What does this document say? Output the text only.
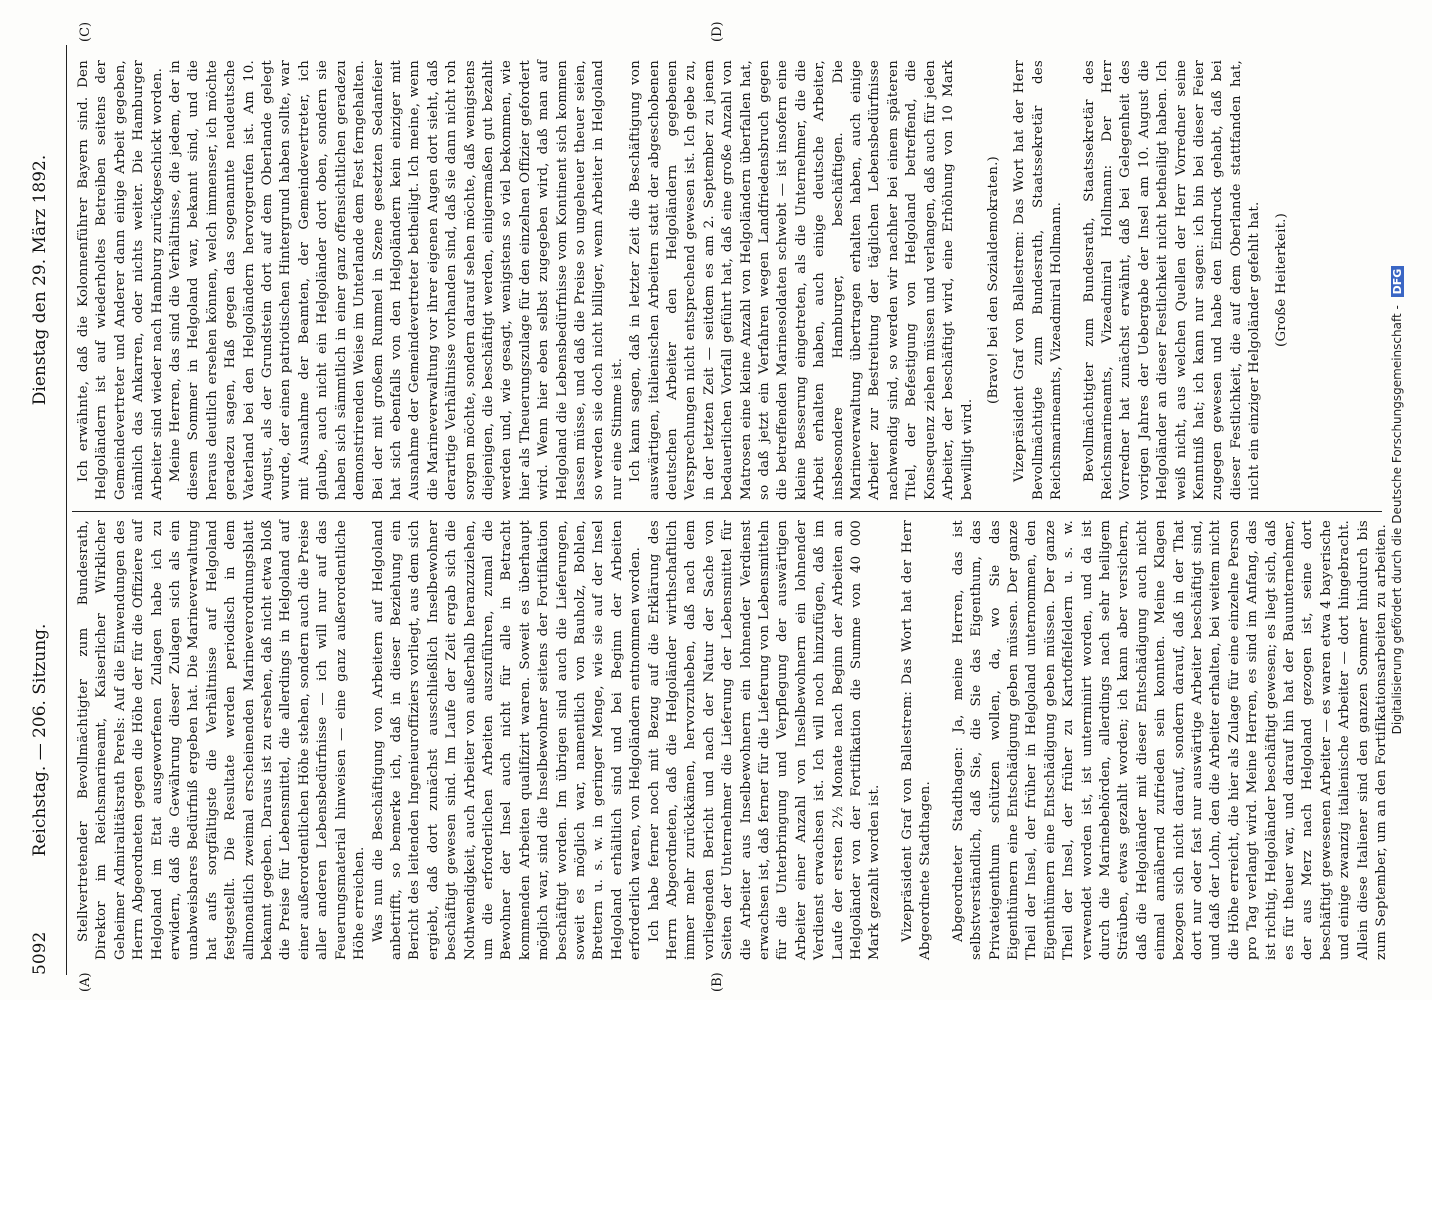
5092
Reichstag. — 206. Sitzung.
Dienstag den 29. März 1892.
(A)	(B)
(C)	(D)

Stellvertretender Bevollmächtigter zum Bundesrath, Direktor im Reichsmarineamt, Kaiserlicher Wirklicher Geheimer Admiralitätsrath Perels: Auf die Einwendungen des Herrn Abgeordneten gegen die Höhe der für die Offiziere auf Helgoland im Etat ausgeworfenen Zulagen habe ich zu erwidern, daß die Gewährung dieser Zulagen sich als ein unabweisbares Bedürfniß ergeben hat. Die Marineverwaltung hat aufs sorgfältigste die Verhältnisse auf Helgoland festgestellt. Die Resultate werden periodisch in dem allmonatlich zweimal erscheinenden Marineverordnungsblatt bekannt gegeben. Daraus ist zu ersehen, daß nicht etwa bloß die Preise für Lebensmittel, die allerdings in Helgoland auf einer außerordentlichen Höhe stehen, sondern auch die Preise aller anderen Lebensbedürfnisse — ich will nur auf das Feuerungsmaterial hinweisen — eine ganz außerordentliche Höhe erreichen. Was nun die Beschäftigung von Arbeitern auf Helgoland anbetrifft, so bemerke ich, daß in dieser Beziehung ein Bericht des leitenden Ingenieuroffiziers vorliegt, aus dem sich ergiebt, daß dort zunächst ausschließlich Inselbewohner beschäftigt gewesen sind. Im Laufe der Zeit ergab sich die Nothwendigkeit, auch Arbeiter von außerhalb heranzuziehen, um die erforderlichen Arbeiten auszuführen, zumal die Bewohner der Insel auch nicht für alle in Betracht kommenden Arbeiten qualifizirt waren. Soweit es überhaupt möglich war, sind die Inselbewohner seitens der Fortifikation beschäftigt worden. Im übrigen sind auch die Lieferungen, soweit es möglich war, namentlich von Bauholz, Bohlen, Brettern u. s. w. in geringer Menge, wie sie auf der Insel Helgoland erhältlich sind und bei Beginn der Arbeiten erforderlich waren, von Helgoländern entnommen worden. Ich habe ferner noch mit Bezug auf die Erklärung des Herrn Abgeordneten, daß die Helgoländer wirthschaftlich immer mehr zurückkämen, hervorzuheben, daß nach dem vorliegenden Bericht und nach der Natur der Sache von Seiten der Unternehmer die Lieferung der Lebensmittel für die Arbeiter aus Inselbewohnern ein lohnender Verdienst erwachsen ist, daß ferner für die Lieferung von Lebensmitteln für die Unterbringung und Verpflegung der auswärtigen Arbeiter einer Anzahl von Inselbewohnern ein lohnender Verdienst erwachsen ist. Ich will noch hinzufügen, daß im Laufe der ersten 2½ Monate nach Beginn der Arbeiten an Helgoländer von der Fortifikation die Summe von 40 000 Mark gezahlt worden ist. Vizepräsident Graf von Ballestrem: Das Wort hat der Herr Abgeordnete Stadthagen. Abgeordneter Stadthagen: Ja, meine Herren, das ist selbstverständlich, daß Sie, die Sie das Eigenthum, das Privateigenthum schützen wollen, da, wo Sie das Eigenthümern eine Entschädigung geben müssen. Der ganze Theil der Insel, der früher in Helgoland unternommen, den Eigenthümern eine Entschädigung geben müssen. Der ganze Theil der Insel, der früher zu Kartoffelfeldern u. s. w. verwendet worden ist, ist unterminirt worden, und da ist durch die Marinebehörden, allerdings nach sehr heiligem Sträuben, etwas gezahlt worden; ich kann aber versichern, daß die Helgoländer mit dieser Entschädigung auch nicht einmal annähernd zufrieden sein konnten. Meine Klagen bezogen sich nicht darauf, sondern darauf, daß in der That dort nur oder fast nur auswärtige Arbeiter beschäftigt sind, und daß der Lohn, den die Arbeiter erhalten, bei weitem nicht die Höhe erreicht, die hier als Zulage für eine einzelne Person pro Tag verlangt wird. Meine Herren, es sind im Anfang, das ist richtig, Helgoländer beschäftigt gewesen; es liegt sich, daß es für theuer war, und darauf hin hat der Bauunternehmer, der aus Merz nach Helgoland gezogen ist, seine dort beschäftigt gewesenen Arbeiter — es waren etwa 4 bayerische und einige zwanzig italienische Arbeiter — dort hingebracht. Allein diese Italiener sind den ganzen Sommer hindurch bis zum September, um an den Fortifikationsarbeiten zu arbeiten.

Ich erwähnte, daß die Kolonnenführer Bayern sind. Den Helgoländern ist auf wiederholtes Betreiben seitens der Gemeindevertreter und Anderer dann einige Arbeit gegeben, nämlich das Ankarren, oder nichts weiter. Die Hamburger Arbeiter sind wieder nach Hamburg zurückgeschickt worden. Meine Herren, das sind die Verhältnisse, die jedem, der in diesem Sommer in Helgoland war, bekannt sind, und die heraus deutlich ersehen können, welch immenser, ich möchte geradezu sagen, Haß gegen das sogenannte neudeutsche Vaterland bei den Helgoländern hervorgerufen ist. Am 10. August, als der Grundstein dort auf dem Oberlande gelegt wurde, der einen patriotischen Hintergrund haben sollte, war mit Ausnahme der Beamten, der Gemeindevertreter, ich glaube, auch nicht ein Helgoländer dort oben, sondern sie haben sich sämmtlich in einer ganz offensichtlichen geradezu demonstrirenden Weise im Unterlande dem Fest ferngehalten. Bei der mit großem Rummel in Szene gesetzten Sedanfeier hat sich ebenfalls von den Helgoländern kein einziger mit Ausnahme der Gemeindevertreter betheiligt. Ich meine, wenn die Marineverwaltung vor ihrer eigenen Augen dort sieht, daß derartige Verhältnisse vorhanden sind, daß sie dann nicht roh sorgen möchte, sondern darauf sehen möchte, daß wenigstens diejenigen, die beschäftigt werden, einigermaßen gut bezahlt werden und, wie gesagt, wenigstens so viel bekommen, wie hier als Theuerungszulage für den einzelnen Offizier gefordert wird. Wenn hier eben selbst zugegeben wird, daß man auf Helgoland die Lebensbedürfnisse vom Kontinent sich kommen lassen müsse, und daß die Preise so ungeheuer theuer seien, so werden sie doch nicht billiger, wenn Arbeiter in Helgoland nur eine Stimme ist. Ich kann sagen, daß in letzter Zeit die Beschäftigung von auswärtigen, italienischen Arbeitern statt der abgeschobenen deutschen Arbeiter den Helgoländern gegebenen Versprechungen nicht entsprechend gewesen ist. Ich gebe zu, in der letzten Zeit — seitdem es am 2. September zu jenem bedauerlichen Vorfall geführt hat, daß eine große Anzahl von Matrosen eine kleine Anzahl von Helgoländern überfallen hat, so daß jetzt ein Verfahren wegen Landfriedensbruch gegen die betreffenden Marinesoldaten schwebt — ist insofern eine kleine Besserung eingetreten, als die Unternehmer, die die Arbeit erhalten haben, auch einige deutsche Arbeiter, insbesondere Hamburger, beschäftigen. Die Marineverwaltung übertragen erhalten haben, auch einige Arbeiter zur Bestreitung der täglichen Lebensbedürfnisse nachwendig sind, so werden wir nachher bei einem späteren Titel, der Befestigung von Helgoland betreffend, die Konsequenz ziehen müssen und verlangen, daß auch für jeden Arbeiter, der beschäftigt wird, eine Erhöhung von 10 Mark bewilligt wird.

(Bravo! bei den Sozialdemokraten.) Vizepräsident Graf von Ballestrem: Das Wort hat der Herr Bevollmächtigte zum Bundesrath, Staatssekretär des Reichsmarineamts, Vizeadmiral Hollmann. Bevollmächtigter zum Bundesrath, Staatssekretär des Reichsmarineamts, Vizeadmiral Hollmann: Der Herr Vorredner hat zunächst erwähnt, daß bei Gelegenheit des vorigen Jahres der Uebergabe der Insel am 10. August die Helgoländer an dieser Festlichkeit nicht betheiligt haben. Ich weiß nicht, aus welchen Quellen der Herr Vorredner seine Kenntniß hat; ich kann nur sagen: ich bin bei dieser Feier zugegen gewesen und habe den Eindruck gehabt, daß bei dieser Festlichkeit, die auf dem Oberlande stattfanden hat, nicht ein einziger Helgoländer gefehlt hat. (Große Heiterkeit.)

Digitalisierung gefördert durch die Deutsche Forschungsgemeinschaft - DFG
